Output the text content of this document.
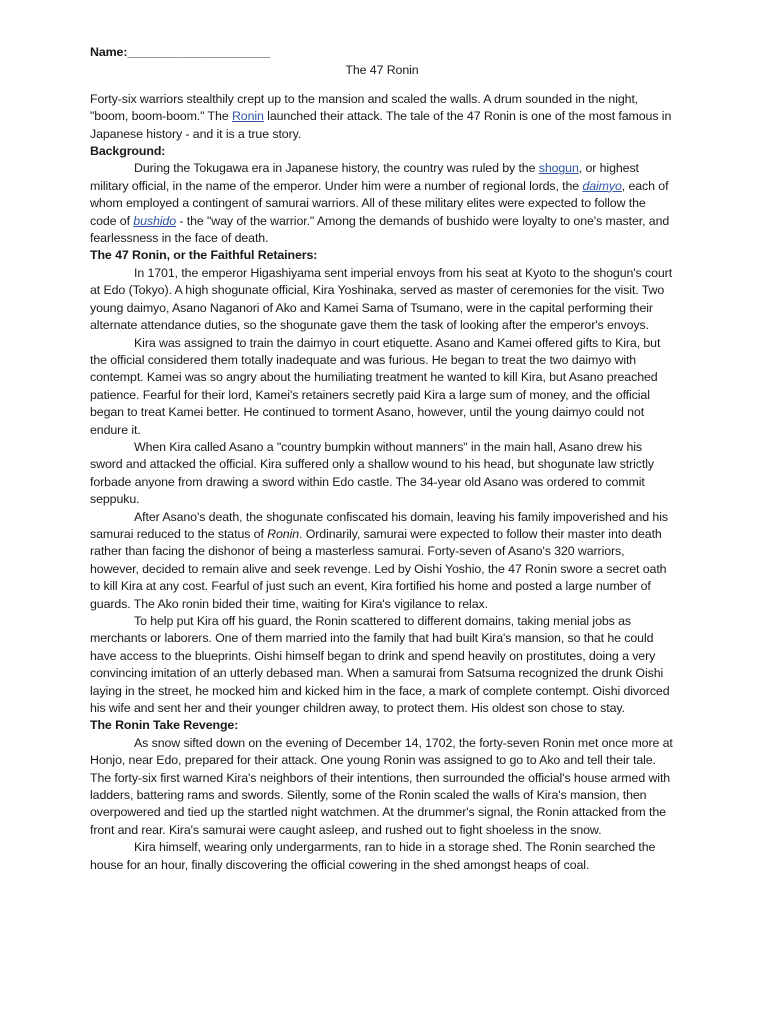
Name:_____________________

The 47 Ronin

Forty-six warriors stealthily crept up to the mansion and scaled the walls. A drum sounded in the night, "boom, boom-boom." The Ronin launched their attack. The tale of the 47 Ronin is one of the most famous in Japanese history - and it is a true story.

Background:

During the Tokugawa era in Japanese history, the country was ruled by the shogun, or highest military official, in the name of the emperor. Under him were a number of regional lords, the daimyo, each of whom employed a contingent of samurai warriors. All of these military elites were expected to follow the code of bushido - the "way of the warrior." Among the demands of bushido were loyalty to one's master, and fearlessness in the face of death.

The 47 Ronin, or the Faithful Retainers:

In 1701, the emperor Higashiyama sent imperial envoys from his seat at Kyoto to the shogun's court at Edo (Tokyo). A high shogunate official, Kira Yoshinaka, served as master of ceremonies for the visit. Two young daimyo, Asano Naganori of Ako and Kamei Sama of Tsumano, were in the capital performing their alternate attendance duties, so the shogunate gave them the task of looking after the emperor's envoys.

Kira was assigned to train the daimyo in court etiquette. Asano and Kamei offered gifts to Kira, but the official considered them totally inadequate and was furious. He began to treat the two daimyo with contempt. Kamei was so angry about the humiliating treatment he wanted to kill Kira, but Asano preached patience. Fearful for their lord, Kamei's retainers secretly paid Kira a large sum of money, and the official began to treat Kamei better. He continued to torment Asano, however, until the young daimyo could not endure it.

When Kira called Asano a "country bumpkin without manners" in the main hall, Asano drew his sword and attacked the official. Kira suffered only a shallow wound to his head, but shogunate law strictly forbade anyone from drawing a sword within Edo castle. The 34-year old Asano was ordered to commit seppuku.

After Asano's death, the shogunate confiscated his domain, leaving his family impoverished and his samurai reduced to the status of Ronin. Ordinarily, samurai were expected to follow their master into death rather than facing the dishonor of being a masterless samurai. Forty-seven of Asano's 320 warriors, however, decided to remain alive and seek revenge. Led by Oishi Yoshio, the 47 Ronin swore a secret oath to kill Kira at any cost. Fearful of just such an event, Kira fortified his home and posted a large number of guards. The Ako ronin bided their time, waiting for Kira's vigilance to relax.

To help put Kira off his guard, the Ronin scattered to different domains, taking menial jobs as merchants or laborers. One of them married into the family that had built Kira's mansion, so that he could have access to the blueprints. Oishi himself began to drink and spend heavily on prostitutes, doing a very convincing imitation of an utterly debased man. When a samurai from Satsuma recognized the drunk Oishi laying in the street, he mocked him and kicked him in the face, a mark of complete contempt. Oishi divorced his wife and sent her and their younger children away, to protect them. His oldest son chose to stay.

The Ronin Take Revenge:

As snow sifted down on the evening of December 14, 1702, the forty-seven Ronin met once more at Honjo, near Edo, prepared for their attack. One young Ronin was assigned to go to Ako and tell their tale. The forty-six first warned Kira's neighbors of their intentions, then surrounded the official's house armed with ladders, battering rams and swords. Silently, some of the Ronin scaled the walls of Kira's mansion, then overpowered and tied up the startled night watchmen. At the drummer's signal, the Ronin attacked from the front and rear. Kira's samurai were caught asleep, and rushed out to fight shoeless in the snow.

Kira himself, wearing only undergarments, ran to hide in a storage shed. The Ronin searched the house for an hour, finally discovering the official cowering in the shed amongst heaps of coal.
